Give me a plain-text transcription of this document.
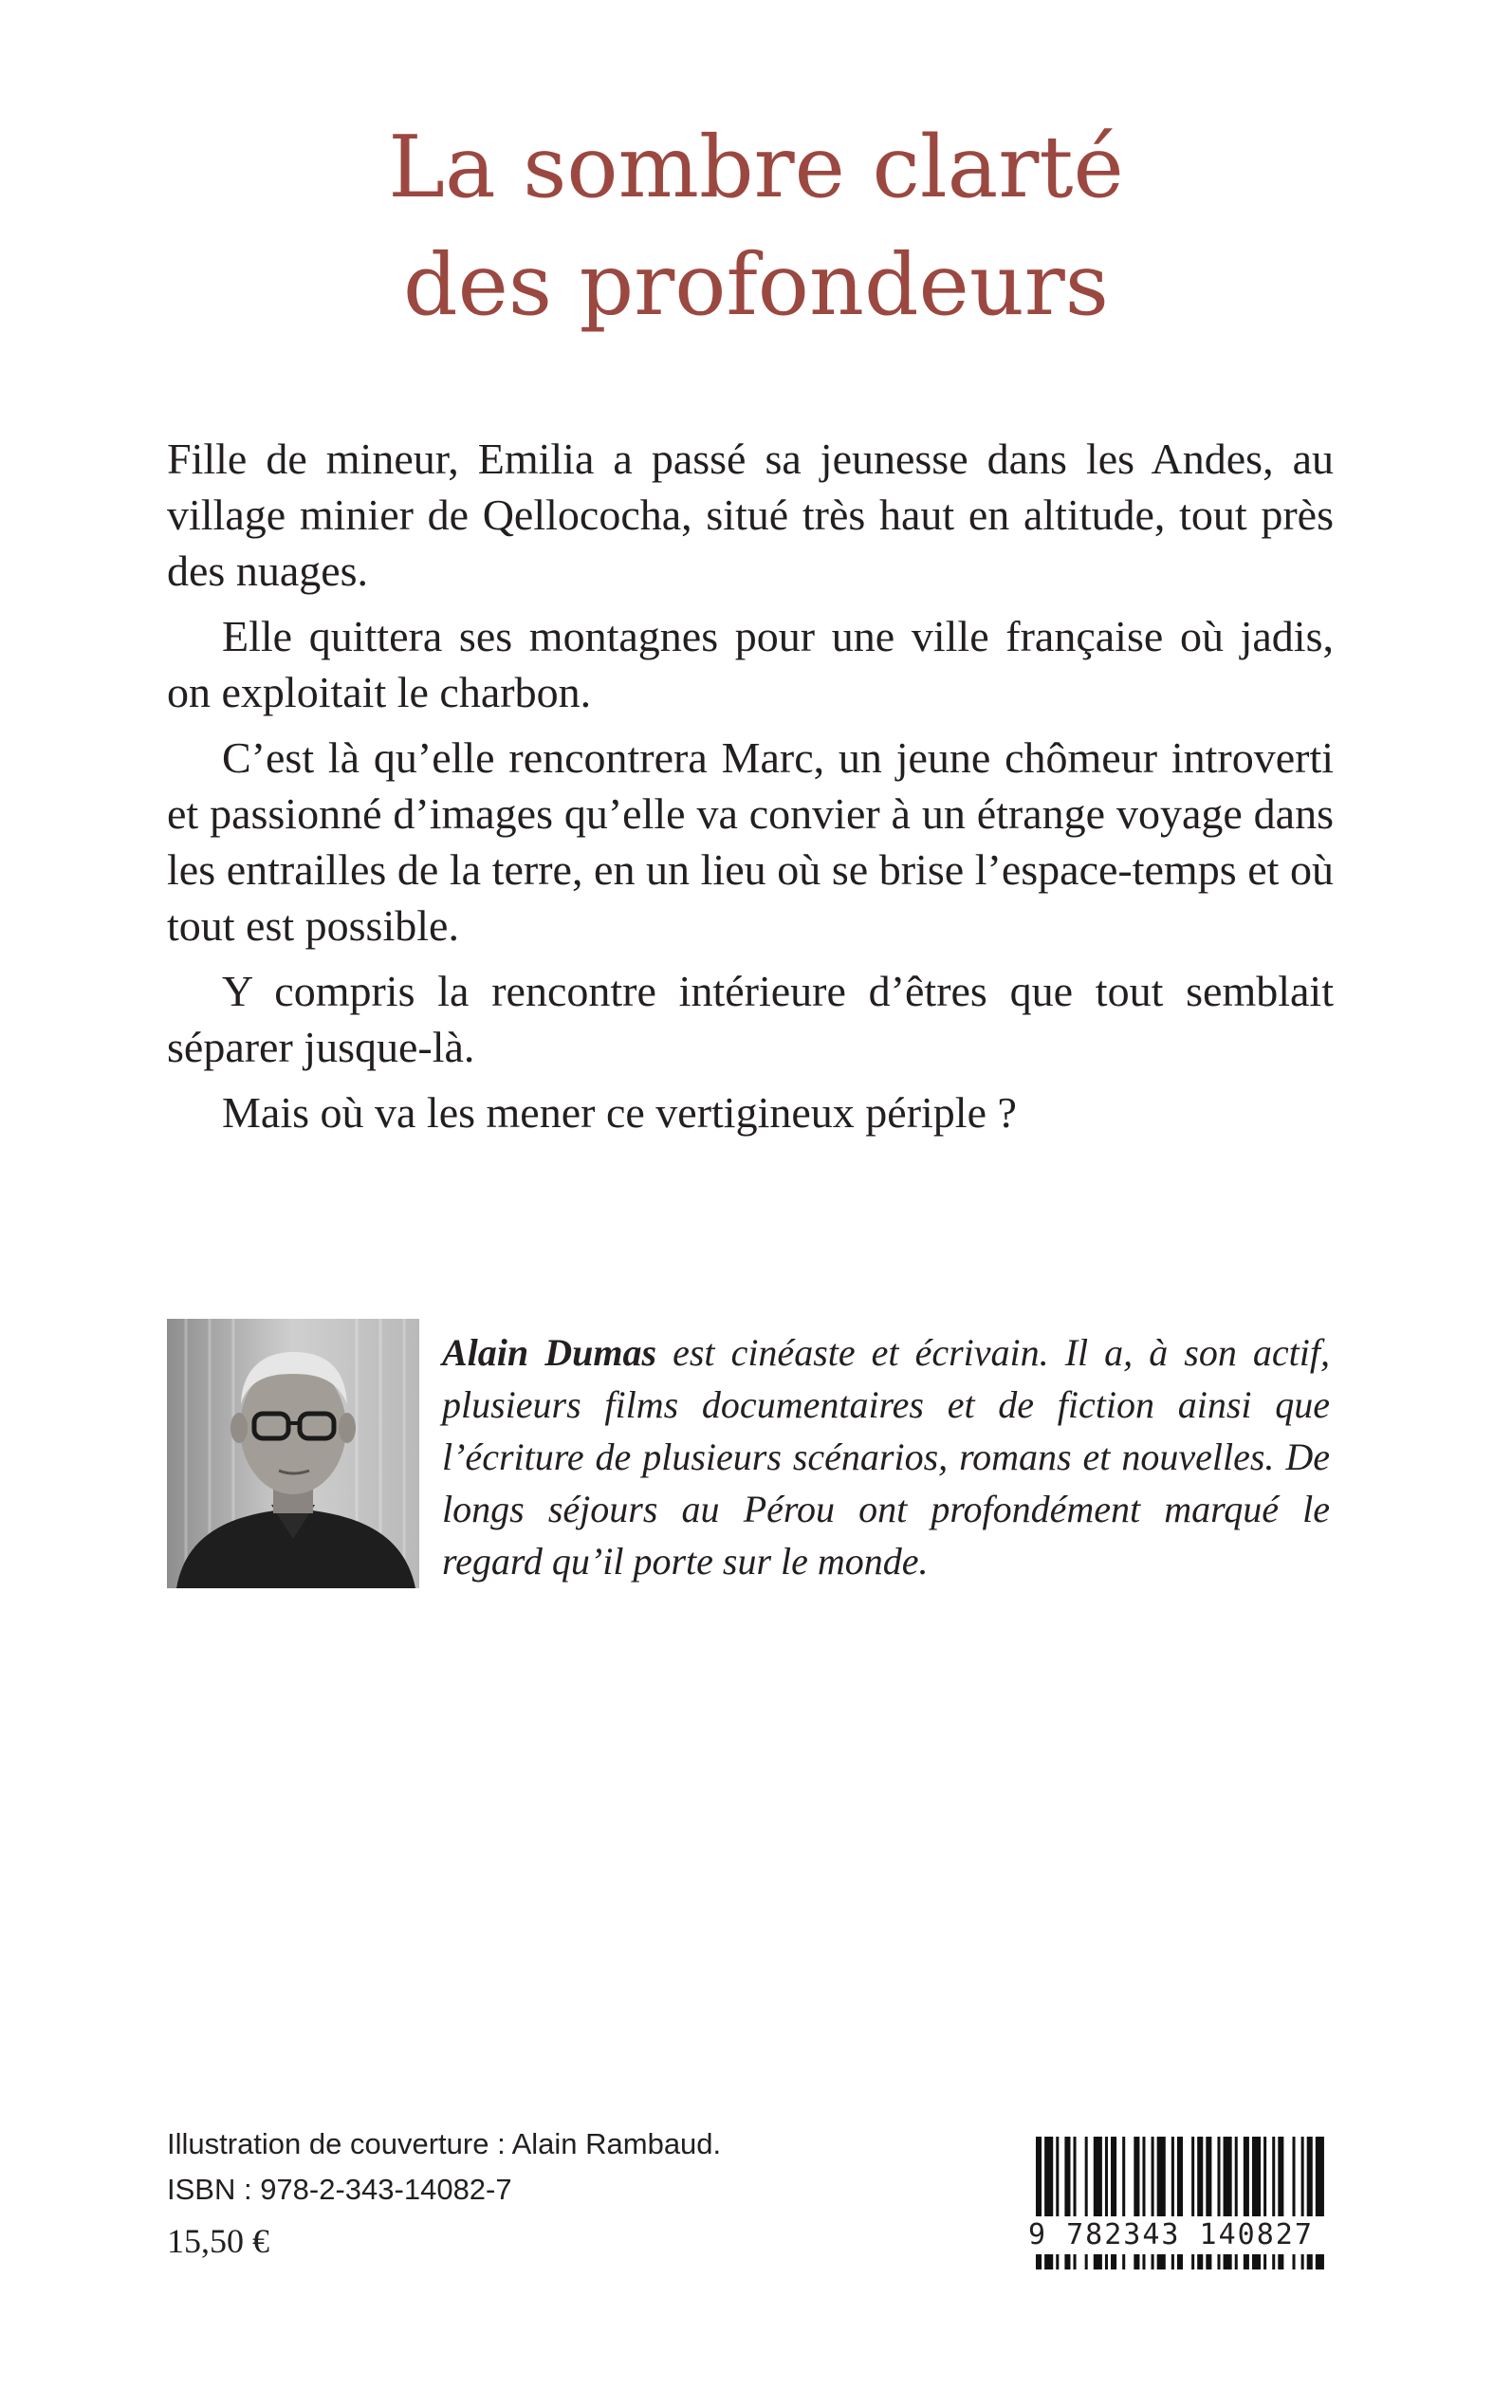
La sombre clarté
des profondeurs

Fille de mineur, Emilia a passé sa jeunesse dans les Andes, au village minier de Qellococha, situé très haut en altitude, tout près des nuages.

Elle quittera ses montagnes pour une ville française où jadis, on exploitait le charbon.

C’est là qu’elle rencontrera Marc, un jeune chômeur introverti et passionné d’images qu’elle va convier à un étrange voyage dans les entrailles de la terre, en un lieu où se brise l’espace-temps et où tout est possible.

Y compris la rencontre intérieure d’êtres que tout semblait séparer jusque-là.

Mais où va les mener ce vertigineux périple ?

Alain Dumas est cinéaste et écrivain. Il a, à son actif, plusieurs films documentaires et de fiction ainsi que l’écriture de plusieurs scénarios, romans et nouvelles. De longs séjours au Pérou ont profondément marqué le regard qu’il porte sur le monde.

Illustration de couverture : Alain Rambaud.

ISBN : 978-2-343-14082-7

15,50 €	9 782343 140827
